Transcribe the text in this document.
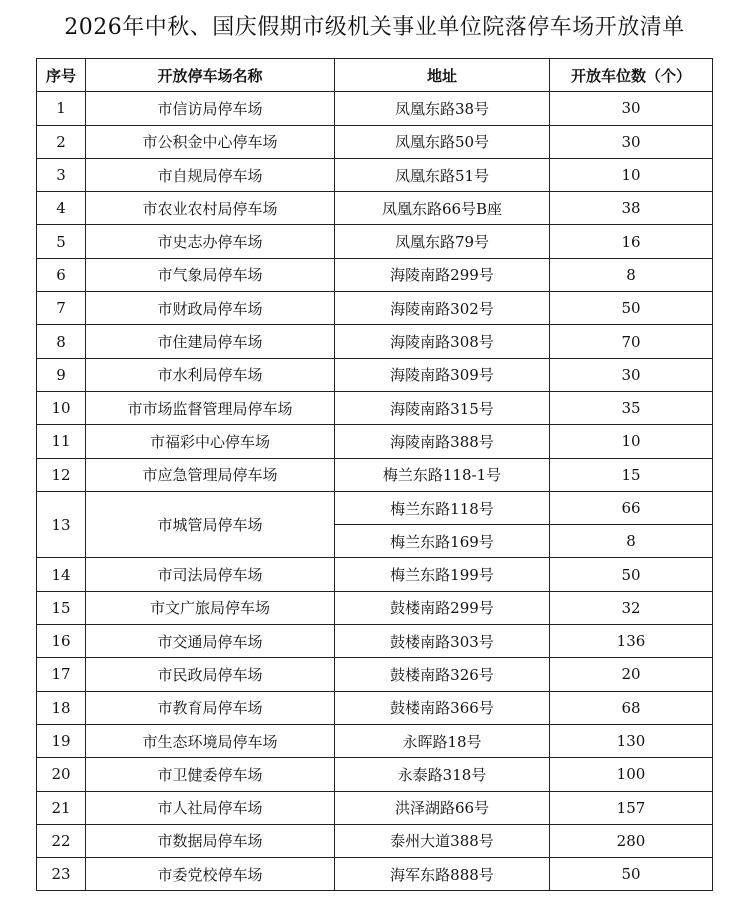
2026年中秋、国庆假期市级机关事业单位院落停车场开放清单
序号	开放停车场名称	地址	开放车位数（个）
1	市信访局停车场	凤凰东路38号	30
2	市公积金中心停车场	凤凰东路50号	30
3	市自规局停车场	凤凰东路51号	10
4	市农业农村局停车场	凤凰东路66号B座	38
5	市史志办停车场	凤凰东路79号	16
6	市气象局停车场	海陵南路299号	8
7	市财政局停车场	海陵南路302号	50
8	市住建局停车场	海陵南路308号	70
9	市水利局停车场	海陵南路309号	30
10	市市场监督管理局停车场	海陵南路315号	35
11	市福彩中心停车场	海陵南路388号	10
12	市应急管理局停车场	梅兰东路118-1号	15
13	市城管局停车场	梅兰东路118号	66
		梅兰东路169号	8
14	市司法局停车场	梅兰东路199号	50
15	市文广旅局停车场	鼓楼南路299号	32
16	市交通局停车场	鼓楼南路303号	136
17	市民政局停车场	鼓楼南路326号	20
18	市教育局停车场	鼓楼南路366号	68
19	市生态环境局停车场	永晖路18号	130
20	市卫健委停车场	永泰路318号	100
21	市人社局停车场	洪泽湖路66号	157
22	市数据局停车场	泰州大道388号	280
23	市委党校停车场	海军东路888号	50
